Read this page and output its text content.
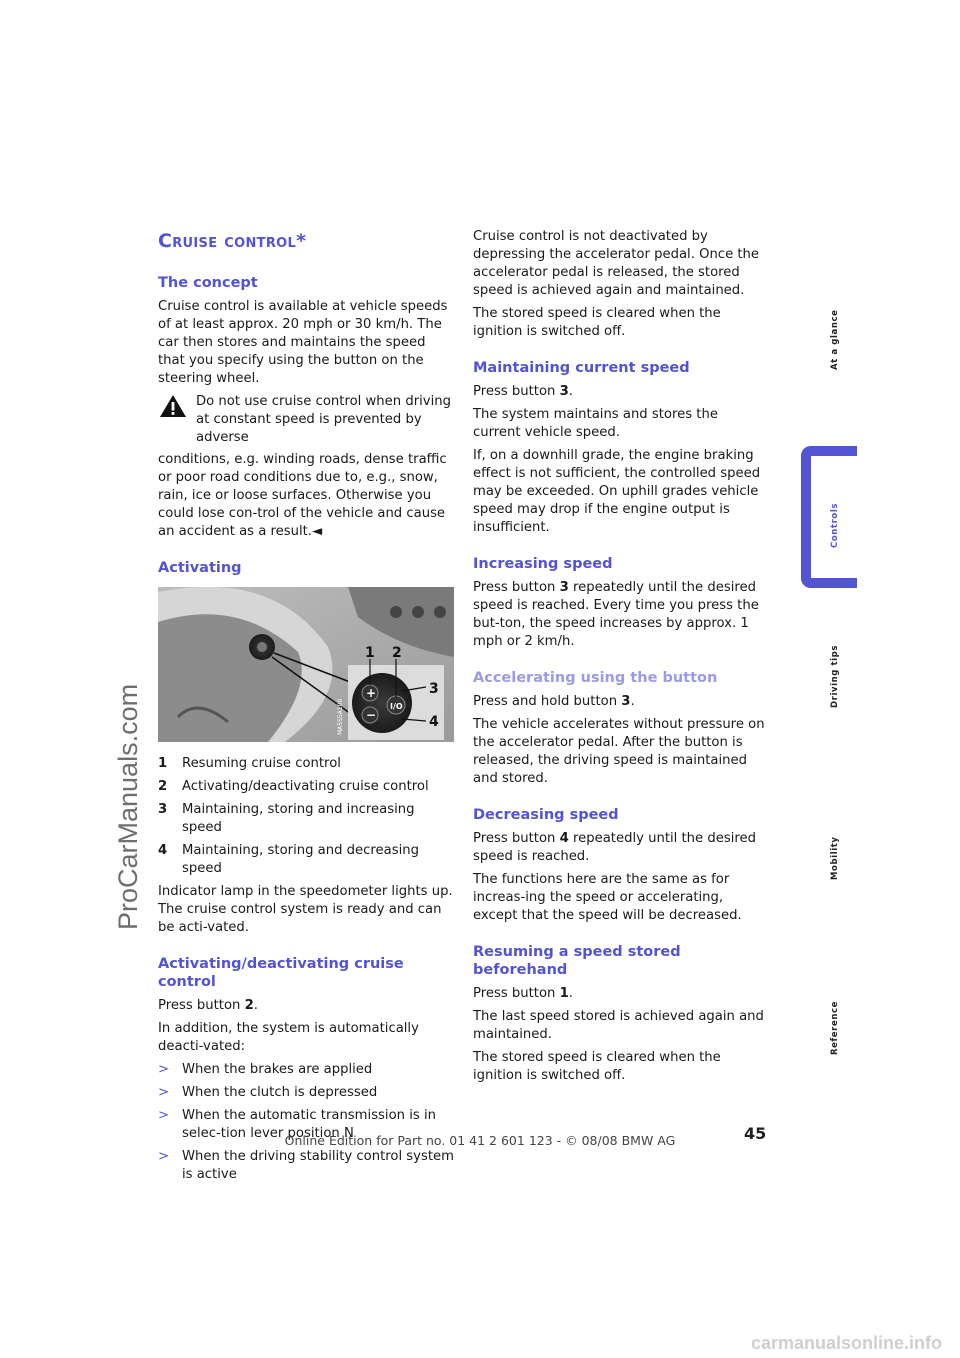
ProCarManuals.com
Cruise control*
The concept

Cruise control is available at vehicle speeds of at least approx. 20 mph or 30 km/h. The car then stores and maintains the speed that you specify using the button on the steering wheel.

Do not use cruise control when driving at constant speed is prevented by adverse

conditions, e.g. winding roads, dense traffic or poor road conditions due to, e.g., snow, rain, ice or loose surfaces. Otherwise you could lose con-trol of the vehicle and cause an accident as a result.◄

Activating
+
I/O
−
1 2
3
4
MA5S5A100
1	Resuming cruise control
2	Activating/deactivating cruise control
3	Maintaining, storing and increasing speed
4	Maintaining, storing and decreasing speed

Indicator lamp in the speedometer lights up. The cruise control system is ready and can be acti-vated.

Activating/deactivating cruise control

Press button 2.

In addition, the system is automatically deacti-vated:

> When the brakes are applied
> When the clutch is depressed
> When the automatic transmission is in selec-tion lever position N
> When the driving stability control system is active

Cruise control is not deactivated by depressing the accelerator pedal. Once the accelerator pedal is released, the stored speed is achieved again and maintained.

The stored speed is cleared when the ignition is switched off.

Maintaining current speed

Press button 3.

The system maintains and stores the current vehicle speed.

If, on a downhill grade, the engine braking effect is not sufficient, the controlled speed may be exceeded. On uphill grades vehicle speed may drop if the engine output is insufficient.

Increasing speed

Press button 3 repeatedly until the desired speed is reached. Every time you press the but-ton, the speed increases by approx. 1 mph or 2 km/h.

Accelerating using the button

Press and hold button 3.

The vehicle accelerates without pressure on the accelerator pedal. After the button is released, the driving speed is maintained and stored.

Decreasing speed

Press button 4 repeatedly until the desired speed is reached.

The functions here are the same as for increas-ing the speed or accelerating, except that the speed will be decreased.

Resuming a speed stored beforehand

Press button 1.

The last speed stored is achieved again and maintained.

The stored speed is cleared when the ignition is switched off.

At a glance
Controls
Driving tips
Mobility
Reference
45
Online Edition for Part no. 01 41 2 601 123 - © 08/08 BMW AG
carmanualsonline.info
